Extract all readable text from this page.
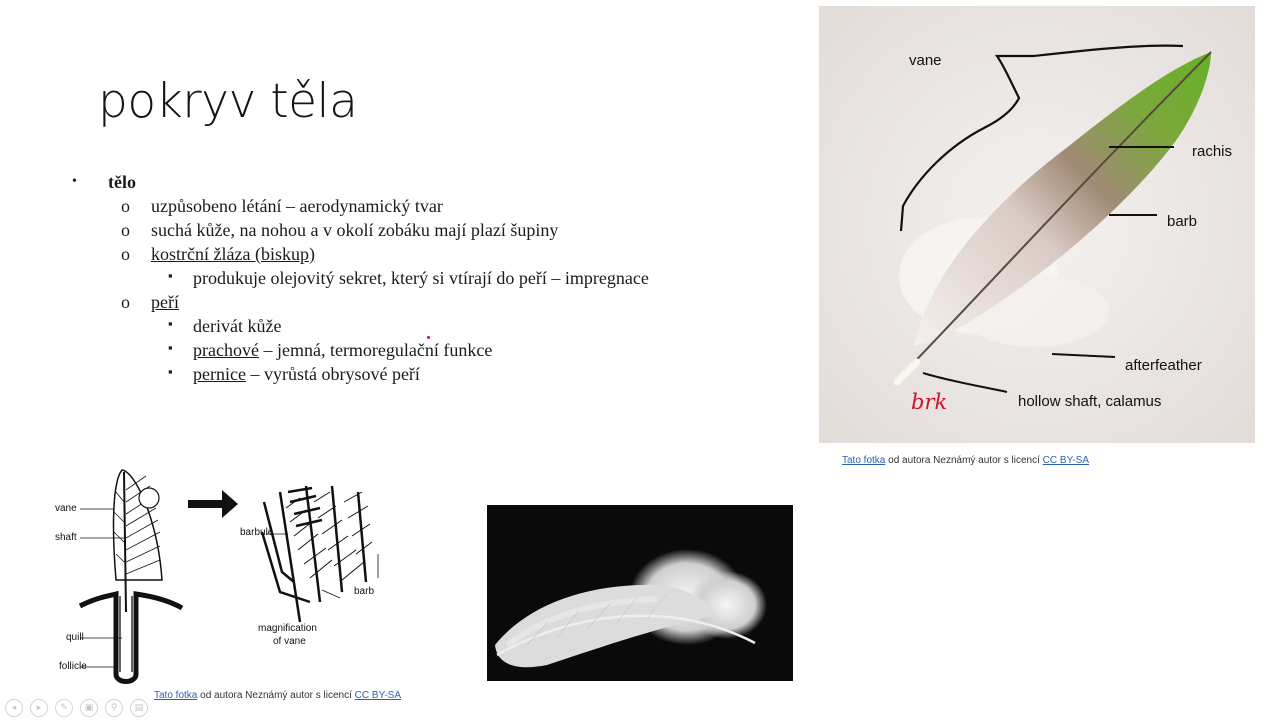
pokryv těla
• tělo
o uzpůsobeno létání – aerodynamický tvar
o suchá kůže, na nohou a v okolí zobáku mají plazí šupiny
o kostrční žláza (biskup)
▪ produkuje olejovitý sekret, který si vtírají do peří – impregnace
o peří
▪ derivát kůže
▪ prachové – jemná, termoregulační funkce
▪ pernice – vyrůstá obrysové peří
vane
rachis
barb
afterfeather
hollow shaft, calamus
brk
Tato fotka od autora Neznámý autor s licencí CC BY-SA
vane
shaft
quill
follicle
barbule
barb
magnification
of vane
Tato fotka od autora Neznámý autor s licencí CC BY-SA
◂	▸	✎	▣	⚲	▤
